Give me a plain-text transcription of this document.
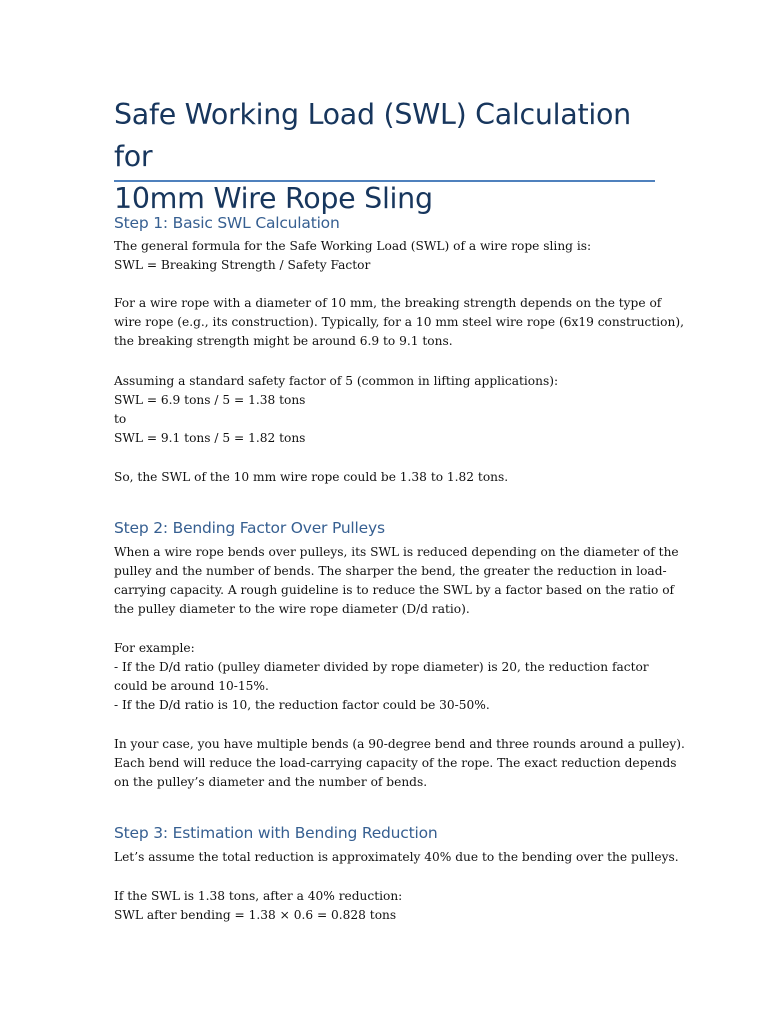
Safe Working Load (SWL) Calculation for
10mm Wire Rope Sling
Step 1: Basic SWL Calculation

The general formula for the Safe Working Load (SWL) of a wire rope sling is:
SWL = Breaking Strength / Safety Factor

For a wire rope with a diameter of 10 mm, the breaking strength depends on the type of
wire rope (e.g., its construction). Typically, for a 10 mm steel wire rope (6x19 construction),
the breaking strength might be around 6.9 to 9.1 tons.

Assuming a standard safety factor of 5 (common in lifting applications):
SWL = 6.9 tons / 5 = 1.38 tons
to
SWL = 9.1 tons / 5 = 1.82 tons

So, the SWL of the 10 mm wire rope could be 1.38 to 1.82 tons.

Step 2: Bending Factor Over Pulleys

When a wire rope bends over pulleys, its SWL is reduced depending on the diameter of the
pulley and the number of bends. The sharper the bend, the greater the reduction in load-
carrying capacity. A rough guideline is to reduce the SWL by a factor based on the ratio of
the pulley diameter to the wire rope diameter (D/d ratio).

For example:
- If the D/d ratio (pulley diameter divided by rope diameter) is 20, the reduction factor
could be around 10-15%.
- If the D/d ratio is 10, the reduction factor could be 30-50%.

In your case, you have multiple bends (a 90-degree bend and three rounds around a pulley).
Each bend will reduce the load-carrying capacity of the rope. The exact reduction depends
on the pulley’s diameter and the number of bends.

Step 3: Estimation with Bending Reduction

Let’s assume the total reduction is approximately 40% due to the bending over the pulleys.

If the SWL is 1.38 tons, after a 40% reduction:
SWL after bending = 1.38 × 0.6 = 0.828 tons
